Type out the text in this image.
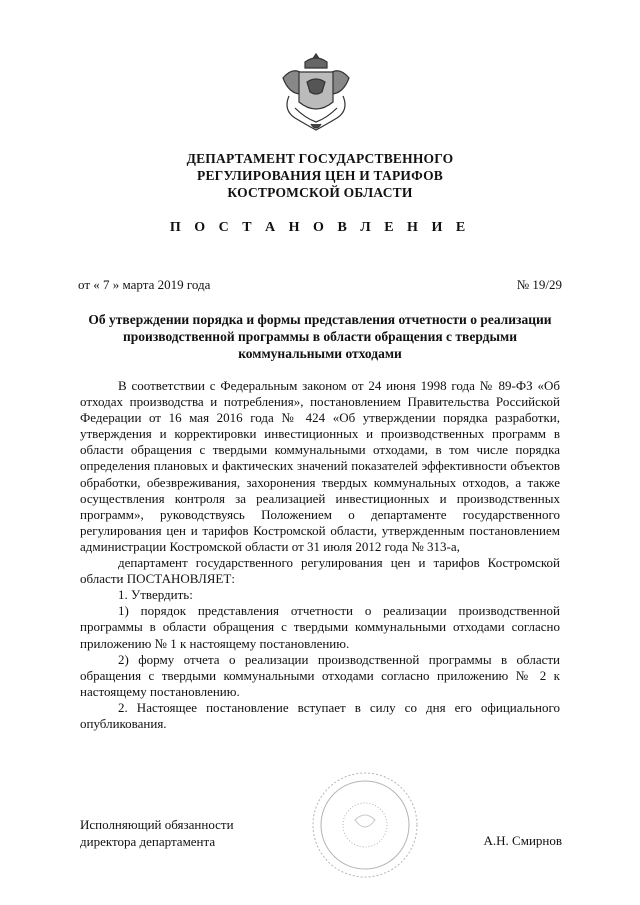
ДЕПАРТАМЕНТ ГОСУДАРСТВЕННОГО
РЕГУЛИРОВАНИЯ ЦЕН И ТАРИФОВ
КОСТРОМСКОЙ ОБЛАСТИ
П О С Т А Н О В Л Е Н И Е
от « 7 » марта 2019 года	№ 19/29
Об утверждении порядка и формы представления отчетности о реализации производственной программы в области обращения с твердыми коммунальными отходами

В соответствии с Федеральным законом от 24 июня 1998 года № 89-ФЗ «Об отходах производства и потребления», постановлением Правительства Российской Федерации от 16 мая 2016 года № 424 «Об утверждении порядка разработки, утверждения и корректировки инвестиционных и производственных программ в области обращения с твердыми коммунальными отходами, в том числе порядка определения плановых и фактических значений показателей эффективности объектов обработки, обезвреживания, захоронения твердых коммунальных отходов, а также осуществления контроля за реализацией инвестиционных и производственных программ», руководствуясь Положением о департаменте государственного регулирования цен и тарифов Костромской области, утвержденным постановлением администрации Костромской области от 31 июля 2012 года № 313-а,

департамент государственного регулирования цен и тарифов Костромской области ПОСТАНОВЛЯЕТ:

1. Утвердить:

1) порядок представления отчетности о реализации производственной программы в области обращения с твердыми коммунальными отходами согласно приложению № 1 к настоящему постановлению.

2) форму отчета о реализации производственной программы в области обращения с твердыми коммунальными отходами согласно приложению № 2 к настоящему постановлению.

2. Настоящее постановление вступает в силу со дня его официального опубликования.

Исполняющий обязанности
директора департамента	А.Н. Смирнов
